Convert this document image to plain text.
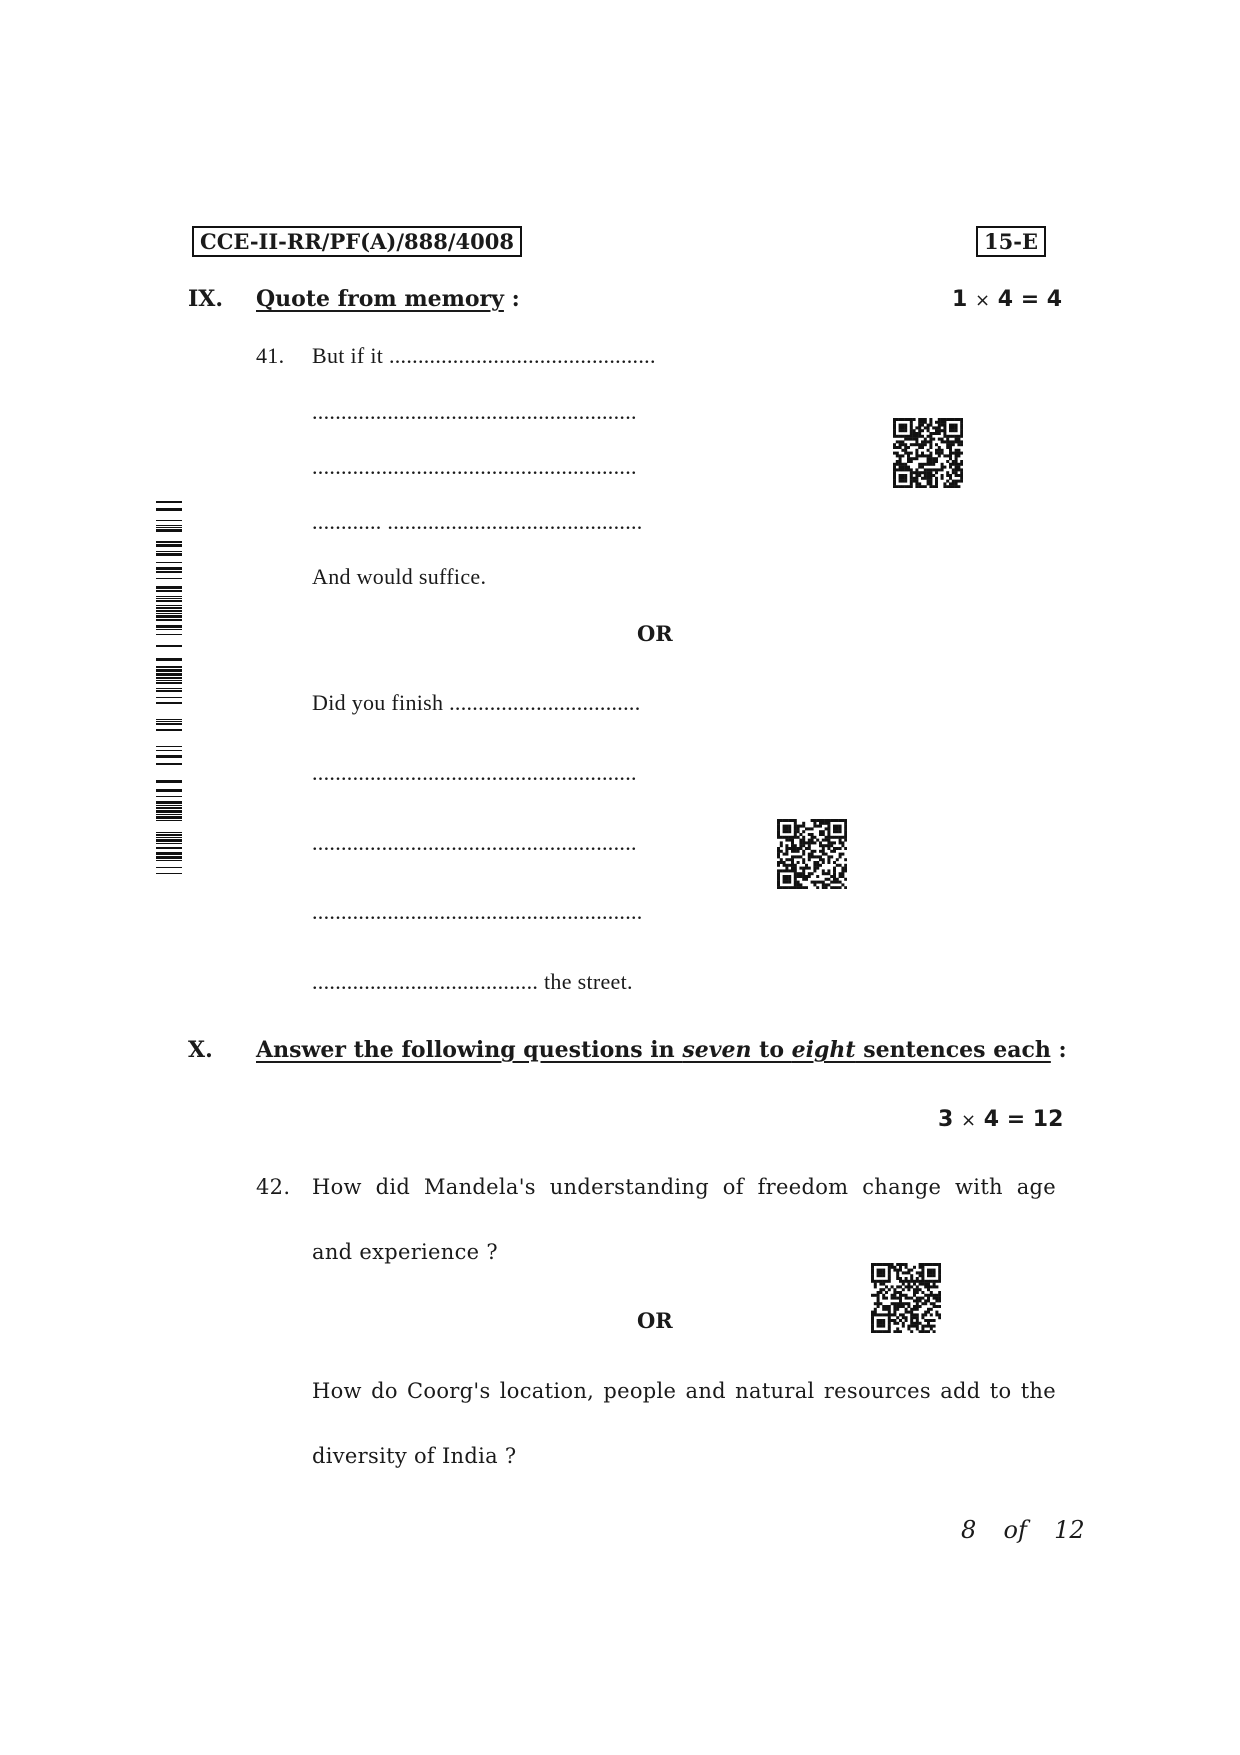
CCE-II-RR/PF(A)/888/4008	15-E
IX. Quote from memory :	1 × 4 = 4
41. But if it ..............................................
........................................................
........................................................
............ ............................................
And would suffice.
OR
Did you finish .................................
........................................................
........................................................
.........................................................
....................................... the street.
X. Answer the following questions in seven to eight sentences each :
3 × 4 = 12
42. How did Mandela's understanding of freedom change with age
and experience ?
OR
How do Coorg's location, people and natural resources add to the
diversity of India ?
8  of  12
